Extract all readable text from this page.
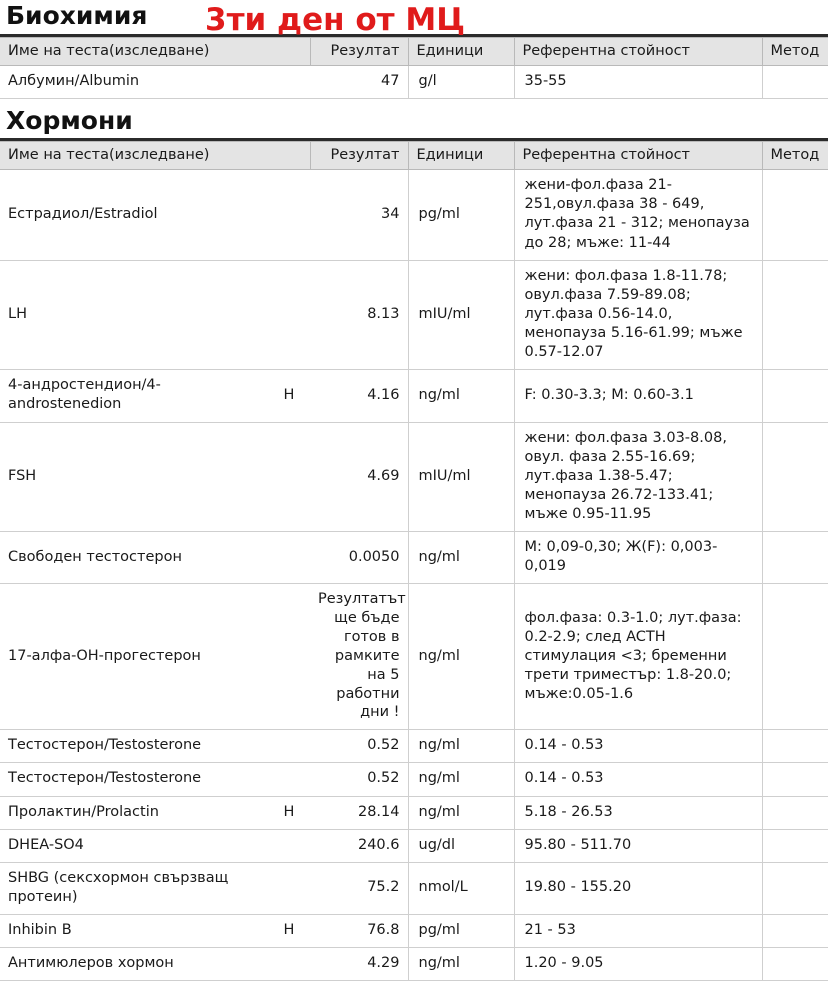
3ти ден от МЦ
Биохимия
Име на теста(изследване)	Резултат	Единици	Референтна стойност	Метод
Албумин/Albumin	47	g/l	35-55	
Хормони
Име на теста(изследване)		Резултат	Единици	Референтна стойност	Метод
Естрадиол/Estradiol		34	pg/ml	жени-фол.фаза 21-251,овул.фаза 38 - 649, лут.фаза 21 - 312; менопауза до 28; мъже: 11-44	
LH		8.13	mIU/ml	жени: фол.фаза 1.8-11.78; овул.фаза 7.59-89.08; лут.фаза 0.56-14.0, менопауза 5.16-61.99; мъже 0.57-12.07	
4-андростендион/4-androstenedion	H	4.16	ng/ml	F: 0.30-3.3; M: 0.60-3.1	
FSH		4.69	mIU/ml	жени: фол.фаза 3.03-8.08, овул. фаза 2.55-16.69; лут.фаза 1.38-5.47; менопауза 26.72-133.41; мъже 0.95-11.95	
Свободен тестостерон		0.0050	ng/ml	M: 0,09-0,30; Ж(F): 0,003-0,019	
17-алфа-ОН-прогестерон		Резултатът ще бъде готов в рамките на 5 работни дни !	ng/ml	фол.фаза: 0.3-1.0; лут.фаза: 0.2-2.9; след ACTH стимулация <3; бременни трети триместър: 1.8-20.0; мъже:0.05-1.6	
Тестостерон/Testosterone		0.52	ng/ml	0.14 - 0.53	
Тестостерон/Testosterone		0.52	ng/ml	0.14 - 0.53	
Пролактин/Prolactin	H	28.14	ng/ml	5.18 - 26.53	
DHEA-SO4		240.6	ug/dl	95.80 - 511.70	
SHBG (сексхормон свързващ протеин)		75.2	nmol/L	19.80 - 155.20	
Inhibin B	H	76.8	pg/ml	21 - 53	
Антимюлеров хормон		4.29	ng/ml	1.20 - 9.05	
